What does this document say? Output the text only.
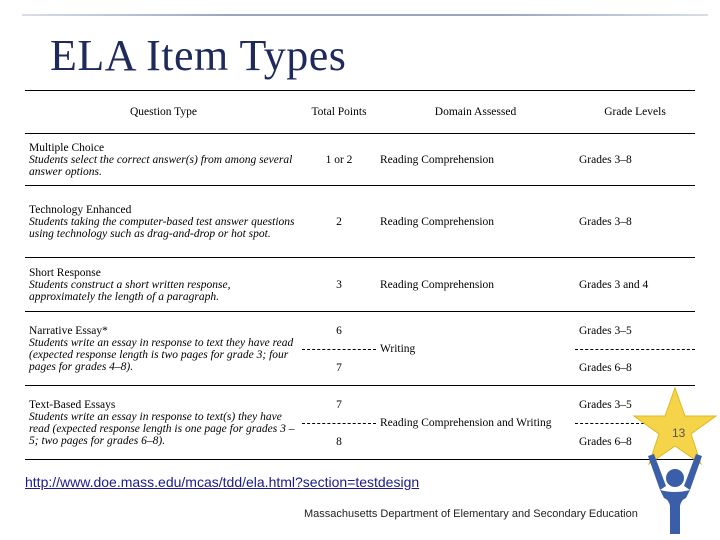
ELA Item Types
Question Type	Total Points	Domain Assessed	Grade Levels

Multiple Choice
Students select the correct answer(s) from among several answer options.	1 or 2	Reading Comprehension	Grades 3–8

Technology Enhanced
Students taking the computer-based test answer questions using technology such as drag-and-drop or hot spot.	2	Reading Comprehension	Grades 3–8

Short Response
Students construct a short written response, approximately the length of a paragraph.	3	Reading Comprehension	Grades 3 and 4

Narrative Essay*
Students write an essay in response to text they have read (expected response length is two pages for grade 3; four pages for grades 4–8).	6	Writing	Grades 3–5
	7		Grades 6–8

Text-Based Essays
Students write an essay in response to text(s) they have read (expected response length is one page for grades 3 –5; two pages for grades 6–8).	7	Reading Comprehension and Writing	Grades 3–5
	8		Grades 6–8
http://www.doe.mass.edu/mcas/tdd/ela.html?section=testdesign
13
Massachusetts Department of Elementary and Secondary Education
